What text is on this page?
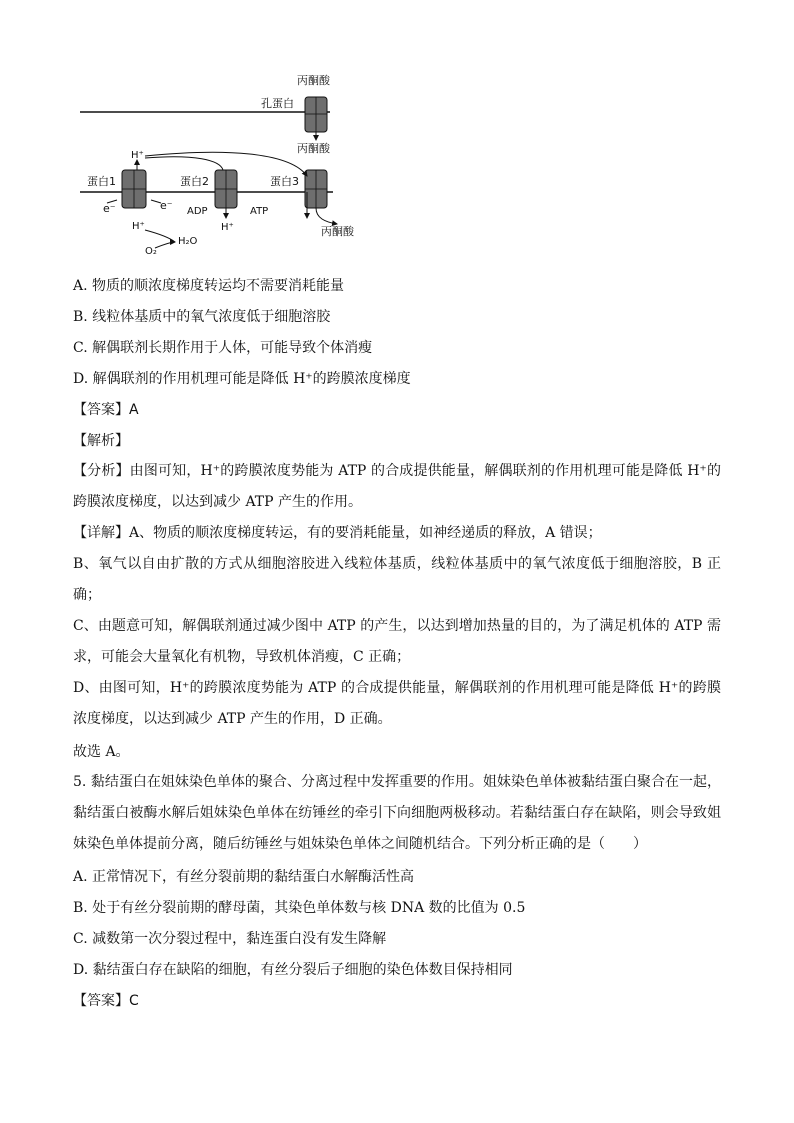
丙酮酸
孔蛋白
丙酮酸
蛋白1	蛋白2	蛋白3
H⁺
e⁻	e⁻ ADP	ATP
H⁺
H⁺
O₂
H₂O
丙酮酸
A. 物质的顺浓度梯度转运均不需要消耗能量
B. 线粒体基质中的氧气浓度低于细胞溶胶
C. 解偶联剂长期作用于人体，可能导致个体消瘦
D. 解偶联剂的作用机理可能是降低 H⁺的跨膜浓度梯度
【答案】A
【解析】
【分析】由图可知，H⁺的跨膜浓度势能为 ATP 的合成提供能量，解偶联剂的作用机理可能是降低 H⁺的跨膜浓度梯度，以达到减少 ATP 产生的作用。
【详解】A、物质的顺浓度梯度转运，有的要消耗能量，如神经递质的释放，A 错误；
B、氧气以自由扩散的方式从细胞溶胶进入线粒体基质，线粒体基质中的氧气浓度低于细胞溶胶，B 正确；
C、由题意可知，解偶联剂通过减少图中 ATP 的产生，以达到增加热量的目的，为了满足机体的 ATP 需求，可能会大量氧化有机物，导致机体消瘦，C 正确；
D、由图可知，H⁺的跨膜浓度势能为 ATP 的合成提供能量，解偶联剂的作用机理可能是降低 H⁺的跨膜浓度梯度，以达到减少 ATP 产生的作用，D 正确。
故选 A。
5. 黏结蛋白在姐妹染色单体的聚合、分离过程中发挥重要的作用。姐妹染色单体被黏结蛋白聚合在一起，黏结蛋白被酶水解后姐妹染色单体在纺锤丝的牵引下向细胞两极移动。若黏结蛋白存在缺陷，则会导致姐妹染色单体提前分离，随后纺锤丝与姐妹染色单体之间随机结合。下列分析正确的是（　　）
A. 正常情况下，有丝分裂前期的黏结蛋白水解酶活性高
B. 处于有丝分裂前期的酵母菌，其染色单体数与核 DNA 数的比值为 0.5
C. 减数第一次分裂过程中，黏连蛋白没有发生降解
D. 黏结蛋白存在缺陷的细胞，有丝分裂后子细胞的染色体数目保持相同
【答案】C
